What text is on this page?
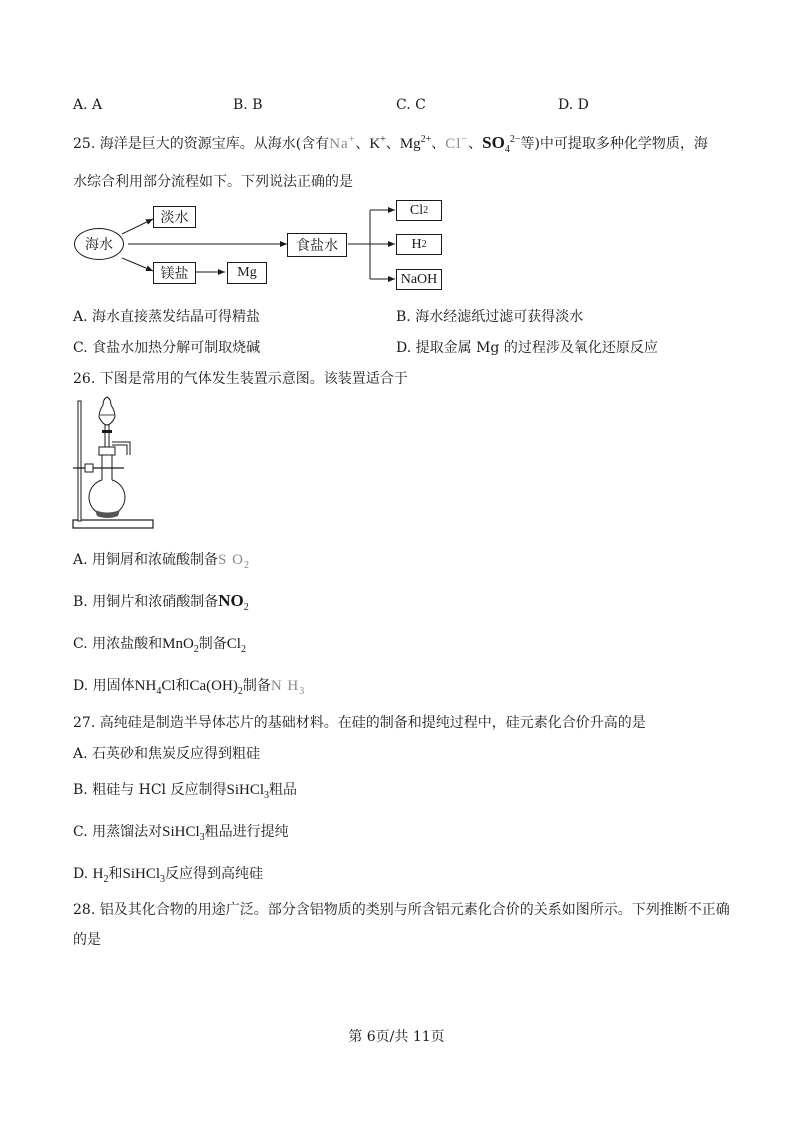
A. A	B. B	C. C	D. D
25. 海洋是巨大的资源宝库。从海水(含有Na+、K+、$Mg^{2+}$、Cl−、$SO_4^{2-}$等)中可提取多种化学物质，海
水综合利用部分流程如下。下列说法正确的是
海水
淡水
镁盐	Mg
食盐水
Cl 2
H 2
NaOH
A. 海水直接蒸发结晶可得精盐	B. 海水经滤纸过滤可获得淡水
C. 食盐水加热分解可制取烧碱	D. 提取金属 Mg 的过程涉及氧化还原反应
26. 下图是常用的气体发生装置示意图。该装置适合于
A. 用铜屑和浓硫酸制备S $O_2$
B. 用铜片和浓硝酸制备$NO_2$
C. 用浓盐酸和MnO$_2$制备$Cl_2$
D. 用固体$NH_4Cl$和$Ca(OH)_2$制备N $H_3$
27. 高纯硅是制造半导体芯片的基础材料。在硅的制备和提纯过程中，硅元素化合价升高的是
A. 石英砂和焦炭反应得到粗硅
B. 粗硅与 HCl 反应制得SiHCl$_3$粗品
C. 用蒸馏法对SiHCl$_3$粗品进行提纯
D. $H_2$和SiHCl$_3$反应得到高纯硅
28. 铝及其化合物的用途广泛。部分含铝物质的类别与所含铝元素化合价的关系如图所示。下列推断不正确
的是
第 6页/共 11页
